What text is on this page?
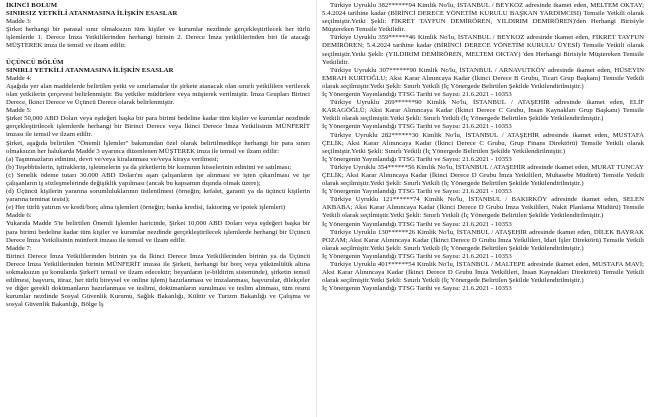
İKİNCİ BÖLÜM

SINIRSIZ YETKİLİ ATANMASINA İLİŞKİN ESASLAR

Madde 3:

Şirket herhangi bir parasal sınır olmaksızın tüm kişiler ve kurumlar nezdinde gerçekleştirilecek her türlü işlemlerde 1. Derece İmza Yetkililerinden herhangi birinin 2. Derece İmza yetkililerinden biri ile atacağı MÜŞTEREK imza ile temsil ve ilzam edilir.

ÜÇÜNCÜ BÖLÜM

SINIRLI YETKİLİ ATANMASINA İLİŞKİN ESASLAR

Madde 4:

Aşağıda yer alan maddelerde belirtilen yetki ve sınırlamalar ile şirkete atanacak olan sınırlı yetkililere verilecek olan yetkilerin çerçevesi belirlenmiştir. Bu yetkiler müdürlere veya müşterek verilmiştir. İmza Grupları Birinci Derece, İkinci Derece ve Üçüncü Derece olarak belirlenmiştir.

Madde 5:

Şirket 50,000 ABD Doları veya eşdeğeri başka bir para birimi bedeline kadar tüm kişiler ve kurumlar nezdinde gerçekleştirilecek işlemlerde herhangi bir Birinci Derece veya İkinci Derece İmza Yetkilisinin MÜNFERİT imzası ile temsil ve ilzam edilir.

Şirket, aşağıda belirtilen "Önemli İşlemler" bakımından özel olarak belirtilmedikçe herhangi bir para sınırı olmaksızın her halukarda Madde 3 uyarınca düzenlenen MÜŞTEREK imza ile temsil ve ilzam edilir:

(a) Taşınmazların edinimi, devri ve/veya kiralanması ve/veya kiraya verilmesi;

(b) Teşebbüslerin, iştiraklerin, işletmelerin ya da şirketlerin bir kısmının hisselerinin edinimi ve satılması;

(c) Senelik ödeme tutarı 30.000 ABD Doları'nı aşan çalışanların işe alınması ve işten çıkarılması ve işe çalışanların iş sözleşmelerinde değişiklik yapılması (ancak bu kapsamın dışında olmak üzere);

(d) Üçüncü kişilerin yararına sorumluluklarının üstlenilmesi (örneğin; kefalet, garanti ya da üçüncü kişilerin yararına teminat tesisi);

(e) Her türlü yatırım ve kredi/borç alma işlemleri (örneğin; banka kredisi, faktoring ve ipotek işlemleri)

Madde 6:

Yukarıda Madde 5'te belirtilen Önemli İşlemler haricinde, Şirket 10,000 ABD Doları veya eşdeğeri başka bir para birimi bedeline kadar tüm kişiler ve kurumlar nezdinde gerçekleştirilecek işlemlerde herhangi bir Üçüncü Derece İmza Yetkilisinin münferit imzası ile temsil ve ilzam edilir.

Madde 7:

Birinci Derece İmza Yetkililerinden birinin ya da İkinci Derece İmza Yetkililerinden birinin ya da Üçüncü Derece İmza Yetkililerinden birinin MÜNFERİT imzası ile Şirketi, herhangi bir borç veya yükümlülük altına sokmaksızın şu konularda Şirket'i temsil ve ilzam edecektir; beyanların (e-bildirim sisteminde), şirketin temsil edilmesi, başvuru, itiraz, her türlü bireysel ve online işlem) hazırlanması ve imzalanması, başvurular, dilekçeler ve diğer gerekli dokümanların hazırlanması ve teslimi, dokümanların sunulması ve teslim alınması, tüm resmi kurumlar nezdinde Sosyal Güvenlik Kurumu, Sağlık Bakanlığı, Kültür ve Turizm Bakanlığı ve Çalışma ve sosyal Güvenlik Bakanlığı, Bölge İş

Türkiye Uyruklu 382******94 Kimlik No'lu, İSTANBUL / BEYKOZ adresinde ikamet eden, MELTEM OKTAY; 5.4.2024 tarihine kadar (BİRİNCİ DERECE YÖNETİM KURULU BAŞKAN YARDIMCISI) Temsile Yetkili olarak seçilmiştir.Yetki Şekli: FİKRET TAYFUN DEMİRÖREN, YILDIRIM DEMİRÖREN)'den Herhangi Birisiyle Müştereken Temsile Yetkilidir.

Türkiye Uyruklu 359******46 Kimlik No'lu, İSTANBUL / BEYKOZ adresinde ikamet eden, FİKRET TAYFUN DEMİRÖREN; 5.4.2024 tarihine kadar (BİRİNCİ DERECE YÖNETİM KURULU ÜYESİ) Temsile Yetkili olarak seçilmiştir.Yetki Şekli: (YILDIRIM DEMİRÖREN, MELTEM OKTAY) 'den Herhangi Birisiyle Müştereken Temsile Yetkilidir.

Türkiye Uyruklu 307******90 Kimlik No'lu, İSTANBUL / ARNAVUTKÖY adresinde ikamet eden, HÜSEYİN EMRAH KURTOĞLU; Aksi Karar Alınıncaya Kadar (İkinci Derece B Grubu, Ticari Grup Başkanı) Temsile Yetkili olarak seçilmiştir.Yetki Şekli: Sınırlı Yetkili (İç Yönergede Belirtilen Şekilde Yetkilendirilmiştir.)

İç Yönergenin Yayınlandığı TTSG Tarihi ve Sayısı: 21.6.2021 - 10353

Türkiye Uyruklu 269******90 Kimlik No'lu, İSTANBUL / ATAŞEHİR adresinde ikamet eden, ELİF KARAGÖĞLÜ; Aksi Karar Alınıncaya Kadar (İkinci Derece C Grubu, İnsan Kaynakları Grup Başkanı) Temsile Yetkili olarak seçilmiştir.Yetki Şekli: Sınırlı Yetkili (İç Yönergede Belirtilen Şekilde Yetkilendirilmiştir.)

İç Yönergenin Yayınlandığı TTSG Tarihi ve Sayısı: 21.6.2021 - 10353

Türkiye Uyruklu 282******30 Kimlik No'lu, İSTANBUL / ATAŞEHİR adresinde ikamet eden, MUSTAFA ÇELİK; Aksi Karar Alınıncaya Kadar (İkinci Derece C Grubu, Grup Finans Direktörü) Temsile Yetkili olarak seçilmiştir.Yetki Şekli: Sınırlı Yetkili (İç Yönergede Belirtilen Şekilde Yetkilendirilmiştir.)

İç Yönergenin Yayınlandığı TTSG Tarihi ve Sayısı: 21.6.2021 - 10353

Türkiye Uyruklu 354******56 Kimlik No'lu, İSTANBUL / ATAŞEHİR adresinde ikamet eden, MURAT TUNCAY ÇELİK; Aksi Karar Alınıncaya Kadar (İkinci Derece D Grubu İmza Yetkilileri, Muhasebe Müdürü) Temsile Yetkili olarak seçilmiştir.Yetki Şekli: Sınırlı Yetkili (İç Yönergede Belirtilen Şekilde Yetkilendirilmiştir.)

İç Yönergenin Yayınlandığı TTSG Tarihi ve Sayısı: 21.6.2021 - 10353

Türkiye Uyruklu 121******74 Kimlik No'lu, İSTANBUL / BAKIRKÖY adresinde ikamet eden, SELEN AKBABA; Aksi Karar Alınıncaya Kadar (İkinci Derece D Grubu İmza Yetkilileri, Nakit Planlama Müdürü) Temsile Yetkili olarak seçilmiştir.Yetki Şekli: Sınırlı Yetkili (İç Yönergede Belirtilen Şekilde Yetkilendirilmiştir.)

İç Yönergenin Yayınlandığı TTSG Tarihi ve Sayısı: 21.6.2021 - 10353

Türkiye Uyruklu 130******26 Kimlik No'lu, İSTANBUL / ATAŞEHİR adresinde ikamet eden, DİLEK BAYRAK POZAM; Aksi Karar Alınıncaya Kadar (İkinci Derece D Grubu İmza Yetkilileri, İdari İşler Direktörü) Temsile Yetkili olarak seçilmiştir.Yetki Şekli: Sınırlı Yetkili (İç Yönergede Belirtilen Şekilde Yetkilendirilmiştir.)

İç Yönergenin Yayınlandığı TTSG Tarihi ve Sayısı: 21.6.2021 - 10353

Türkiye Uyruklu 401******54 Kimlik No'lu, İSTANBUL / MALTEPE adresinde ikamet eden, MUSTAFA MAVİ; Aksi Karar Alınıncaya Kadar (İkinci Derece D Grubu İmza Yetkilileri, İnsan Kaynakları Direktörü) Temsile Yetkili olarak seçilmiştir.Yetki Şekli: Sınırlı Yetkili (İç Yönergede Belirtilen Şekilde Yetkilendirilmiştir.)

İç Yönergenin Yayınlandığı TTSG Tarihi ve Sayısı: 21.6.2021 - 10353
